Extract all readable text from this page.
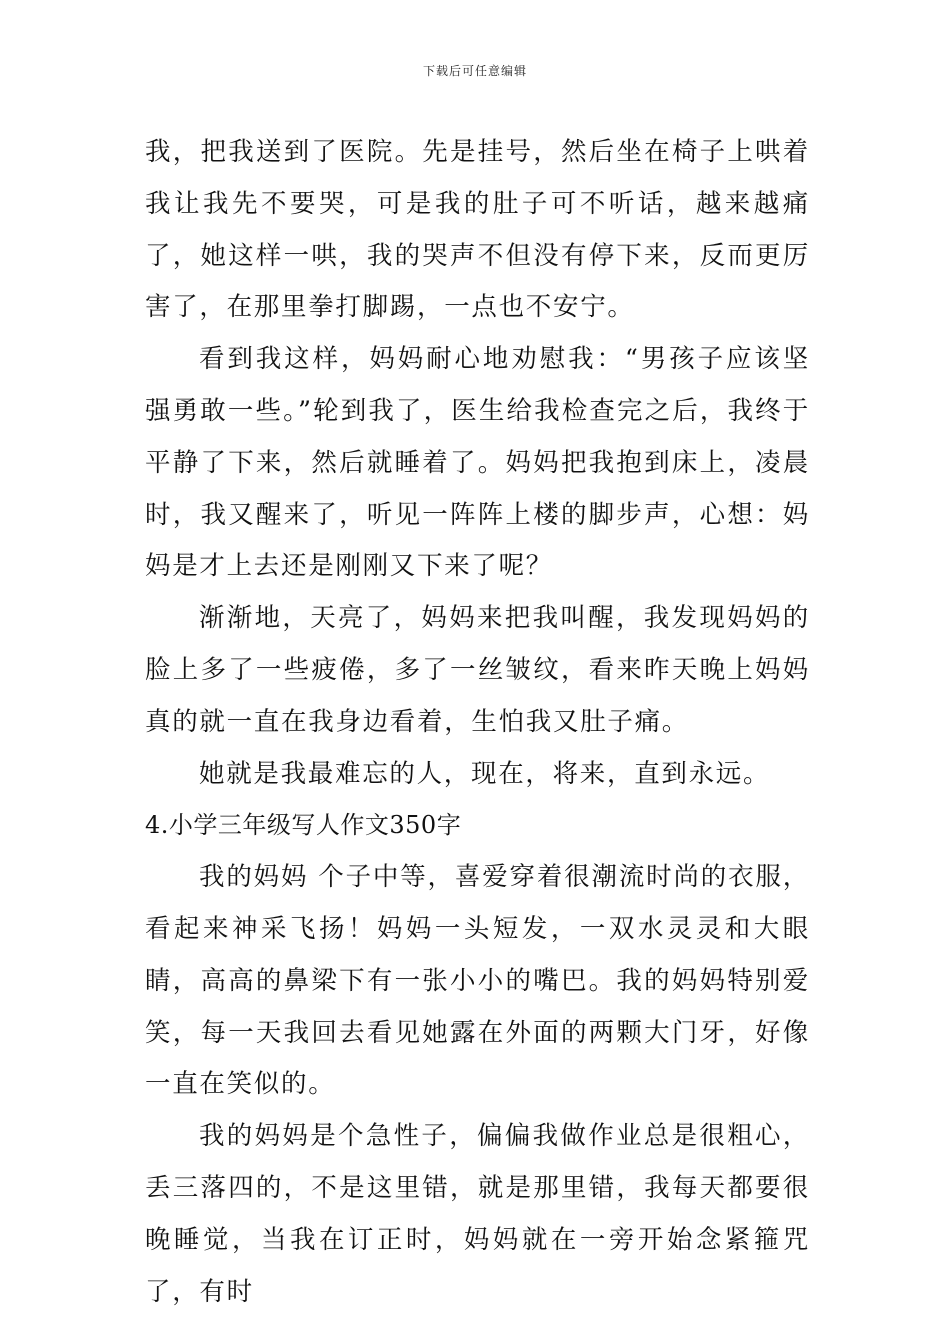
下载后可任意编辑

我，把我送到了医院。先是挂号，然后坐在椅子上哄着我让我先不要哭，可是我的肚子可不听话，越来越痛了，她这样一哄，我的哭声不但没有停下来，反而更厉害了，在那里拳打脚踢，一点也不安宁。

看到我这样，妈妈耐心地劝慰我：“男孩子应该坚强勇敢一些。”轮到我了，医生给我检查完之后，我终于平静了下来，然后就睡着了。妈妈把我抱到床上，凌晨时，我又醒来了，听见一阵阵上楼的脚步声，心想：妈妈是才上去还是刚刚又下来了呢？

渐渐地，天亮了，妈妈来把我叫醒，我发现妈妈的脸上多了一些疲倦，多了一丝皱纹，看来昨天晚上妈妈真的就一直在我身边看着，生怕我又肚子痛。

她就是我最难忘的人，现在，将来，直到永远。

4.小学三年级写人作文350字

我的妈妈 个子中等，喜爱穿着很潮流时尚的衣服，看起来神采飞扬！妈妈一头短发，一双水灵灵和大眼睛，高高的鼻梁下有一张小小的嘴巴。我的妈妈特别爱笑，每一天我回去看见她露在外面的两颗大门牙，好像一直在笑似的。

我的妈妈是个急性子，偏偏我做作业总是很粗心，丢三落四的，不是这里错，就是那里错，我每天都要很晚睡觉，当我在订正时，妈妈就在一旁开始念紧箍咒了，有时
